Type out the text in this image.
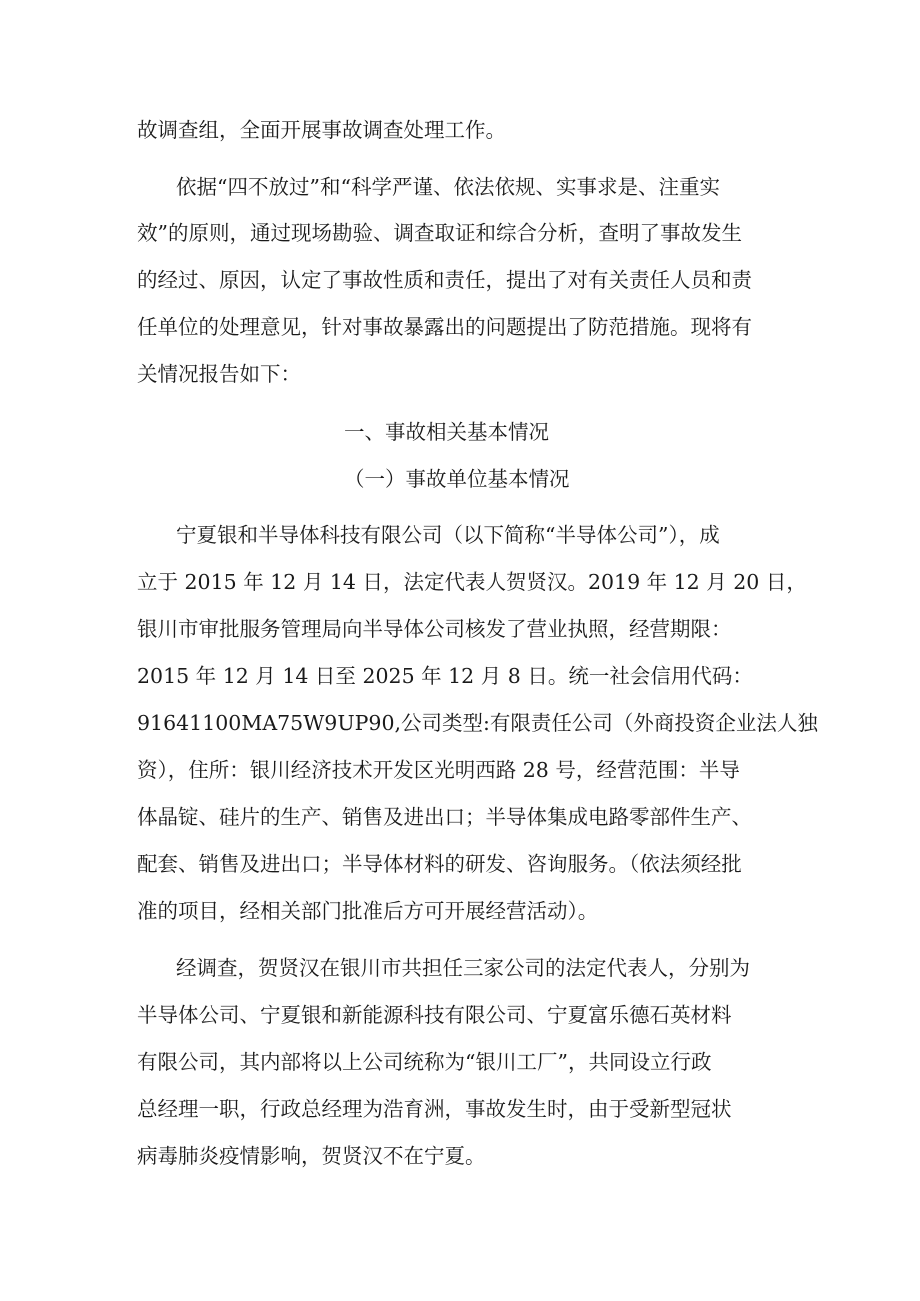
故调查组，全面开展事故调查处理工作。
依据“四不放过”和“科学严谨、依法依规、实事求是、注重实
效”的原则，通过现场勘验、调查取证和综合分析，查明了事故发生
的经过、原因，认定了事故性质和责任，提出了对有关责任人员和责
任单位的处理意见，针对事故暴露出的问题提出了防范措施。现将有
关情况报告如下：
一、事故相关基本情况
（一）事故单位基本情况
宁夏银和半导体科技有限公司（以下简称“半导体公司”），成
立于 2015 年 12 月 14 日，法定代表人贺贤汉。2019 年 12 月 20 日，
银川市审批服务管理局向半导体公司核发了营业执照，经营期限：
2015 年 12 月 14 日至 2025 年 12 月 8 日。统一社会信用代码：
91641100MA75W9UP90,公司类型:有限责任公司（外商投资企业法人独
资），住所：银川经济技术开发区光明西路 28 号，经营范围：半导
体晶锭、硅片的生产、销售及进出口；半导体集成电路零部件生产、
配套、销售及进出口；半导体材料的研发、咨询服务。（依法须经批
准的项目，经相关部门批准后方可开展经营活动）。
经调查，贺贤汉在银川市共担任三家公司的法定代表人，分别为
半导体公司、宁夏银和新能源科技有限公司、宁夏富乐德石英材料
有限公司，其内部将以上公司统称为“银川工厂”，共同设立行政
总经理一职，行政总经理为浩育洲，事故发生时，由于受新型冠状
病毒肺炎疫情影响，贺贤汉不在宁夏。
